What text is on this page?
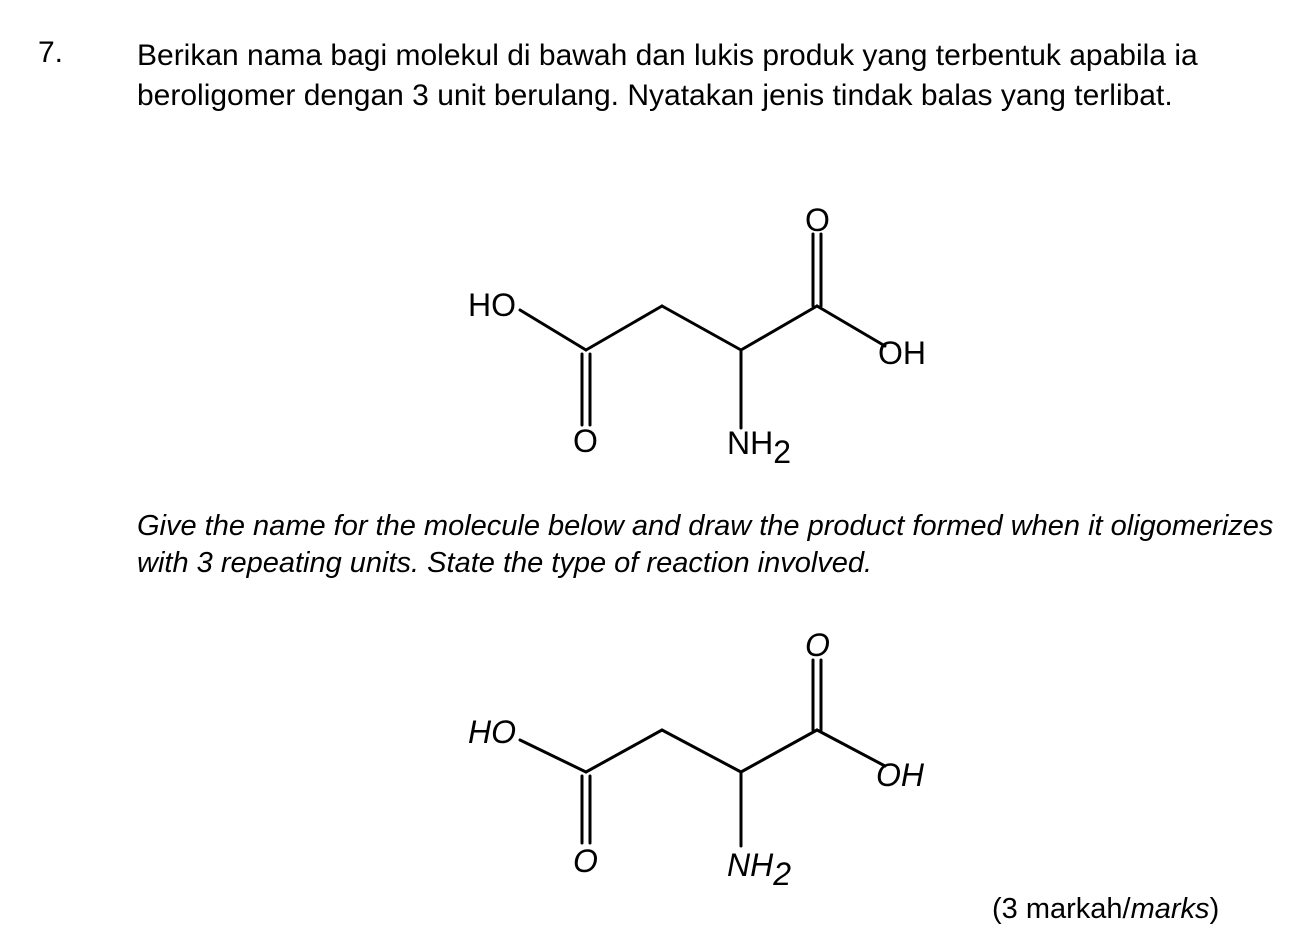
7. Berikan nama bagi molekul di bawah dan lukis produk yang terbentuk apabila ia beroligomer dengan 3 unit berulang. Nyatakan jenis tindak balas yang terlibat.
HO
OH
O
O
NH2
Give the name for the molecule below and draw the product formed when it oligomerizes with 3 repeating units. State the type of reaction involved.
HO
OH
O
O
NH2
(3 markah/marks)
